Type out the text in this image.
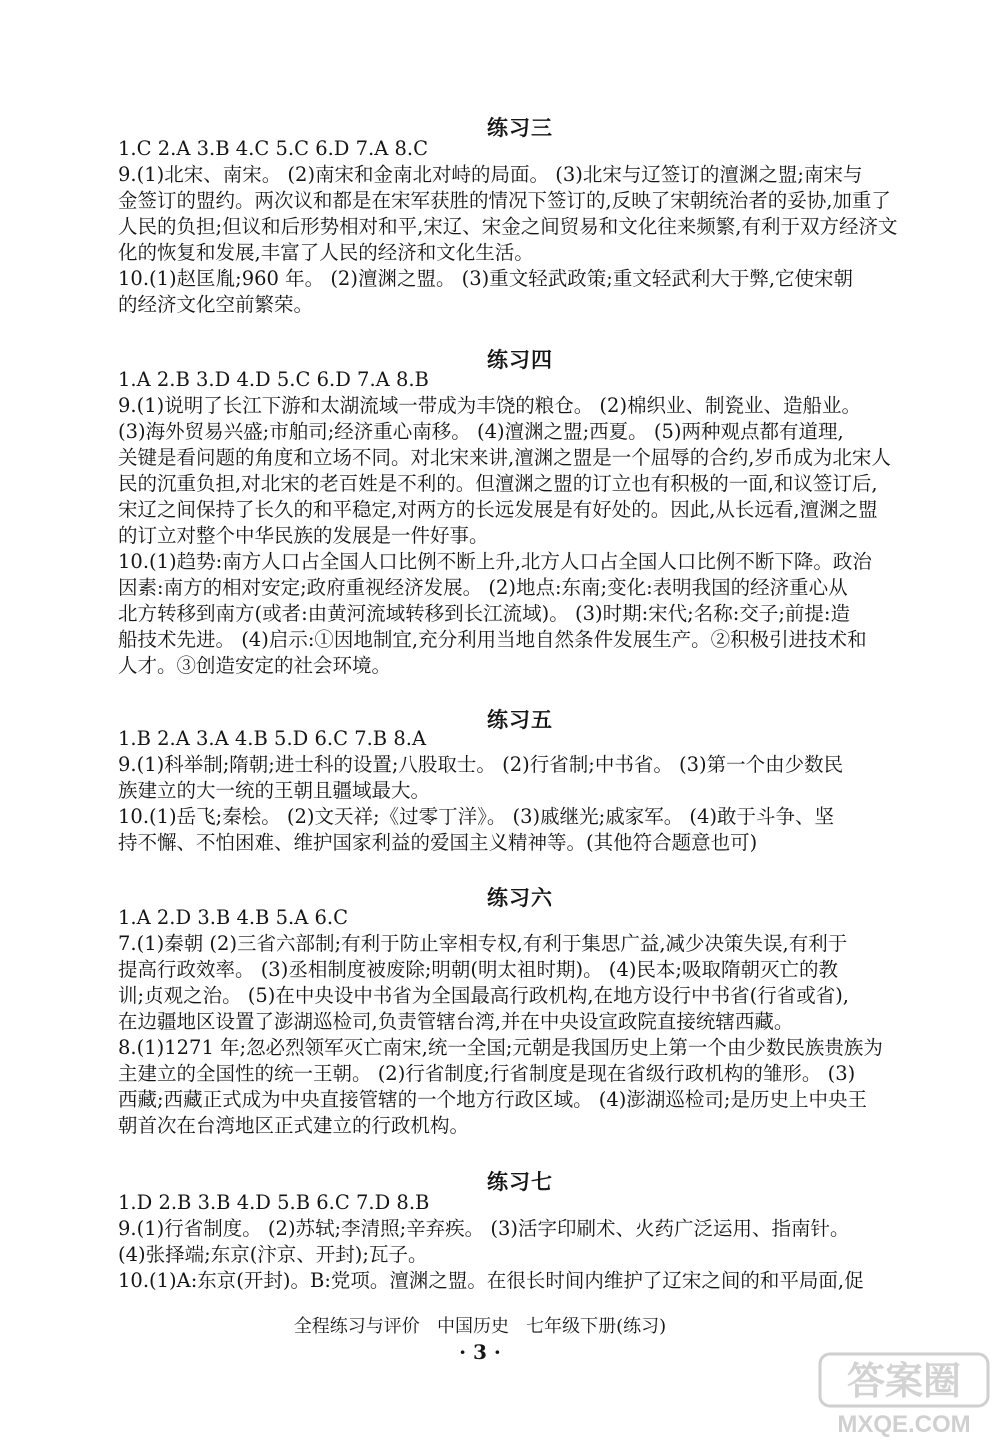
练习三
1.C 2.A 3.B 4.C 5.C 6.D 7.A 8.C
9.(1)北宋、南宋。 (2)南宋和金南北对峙的局面。 (3)北宋与辽签订的澶渊之盟;南宋与
金签订的盟约。两次议和都是在宋军获胜的情况下签订的,反映了宋朝统治者的妥协,加重了
人民的负担;但议和后形势相对和平,宋辽、宋金之间贸易和文化往来频繁,有利于双方经济文
化的恢复和发展,丰富了人民的经济和文化生活。
10.(1)赵匡胤;960 年。 (2)澶渊之盟。 (3)重文轻武政策;重文轻武利大于弊,它使宋朝
的经济文化空前繁荣。
练习四
1.A 2.B 3.D 4.D 5.C 6.D 7.A 8.B
9.(1)说明了长江下游和太湖流域一带成为丰饶的粮仓。 (2)棉织业、制瓷业、造船业。
(3)海外贸易兴盛;市舶司;经济重心南移。 (4)澶渊之盟;西夏。 (5)两种观点都有道理,
关键是看问题的角度和立场不同。对北宋来讲,澶渊之盟是一个屈辱的合约,岁币成为北宋人
民的沉重负担,对北宋的老百姓是不利的。但澶渊之盟的订立也有积极的一面,和议签订后,
宋辽之间保持了长久的和平稳定,对两方的长远发展是有好处的。因此,从长远看,澶渊之盟
的订立对整个中华民族的发展是一件好事。
10.(1)趋势:南方人口占全国人口比例不断上升,北方人口占全国人口比例不断下降。政治
因素:南方的相对安定;政府重视经济发展。 (2)地点:东南;变化:表明我国的经济重心从
北方转移到南方(或者:由黄河流域转移到长江流域)。 (3)时期:宋代;名称:交子;前提:造
船技术先进。 (4)启示:①因地制宜,充分利用当地自然条件发展生产。②积极引进技术和
人才。③创造安定的社会环境。
练习五
1.B 2.A 3.A 4.B 5.D 6.C 7.B 8.A
9.(1)科举制;隋朝;进士科的设置;八股取士。 (2)行省制;中书省。 (3)第一个由少数民
族建立的大一统的王朝且疆域最大。
10.(1)岳飞;秦桧。 (2)文天祥;《过零丁洋》。 (3)戚继光;戚家军。 (4)敢于斗争、坚
持不懈、不怕困难、维护国家利益的爱国主义精神等。(其他符合题意也可)
练习六
1.A 2.D 3.B 4.B 5.A 6.C
7.(1)秦朝 (2)三省六部制;有利于防止宰相专权,有利于集思广益,减少决策失误,有利于
提高行政效率。 (3)丞相制度被废除;明朝(明太祖时期)。 (4)民本;吸取隋朝灭亡的教
训;贞观之治。 (5)在中央设中书省为全国最高行政机构,在地方设行中书省(行省或省),
在边疆地区设置了澎湖巡检司,负责管辖台湾,并在中央设宣政院直接统辖西藏。
8.(1)1271 年;忽必烈领军灭亡南宋,统一全国;元朝是我国历史上第一个由少数民族贵族为
主建立的全国性的统一王朝。 (2)行省制度;行省制度是现在省级行政机构的雏形。 (3)
西藏;西藏正式成为中央直接管辖的一个地方行政区域。 (4)澎湖巡检司;是历史上中央王
朝首次在台湾地区正式建立的行政机构。
练习七
1.D 2.B 3.B 4.D 5.B 6.C 7.D 8.B
9.(1)行省制度。 (2)苏轼;李清照;辛弃疾。 (3)活字印刷术、火药广泛运用、指南针。
(4)张择端;东京(汴京、开封);瓦子。
10.(1)A:东京(开封)。B:党项。澶渊之盟。在很长时间内维护了辽宋之间的和平局面,促
全程练习与评价   中国历史   七年级下册(练习)
· 3 ·
答案圈
MXQE.COM
